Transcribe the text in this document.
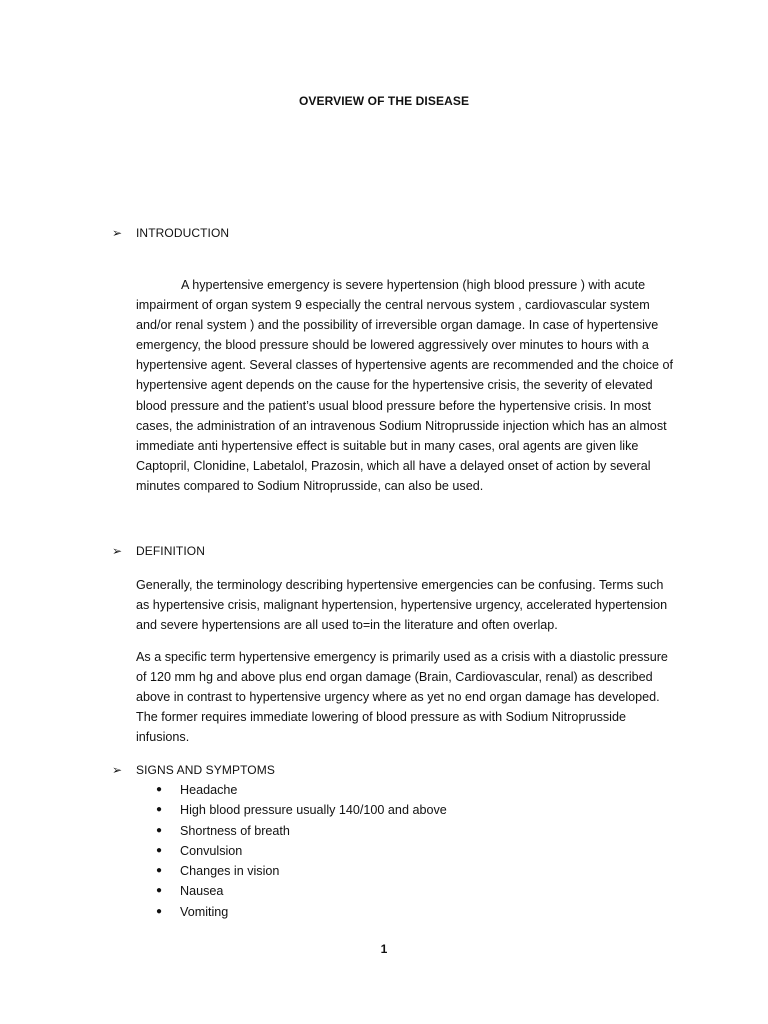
OVERVIEW OF THE DISEASE
➢	INTRODUCTION

A hypertensive emergency is severe hypertension (high blood pressure ) with acute impairment of organ system 9 especially the central nervous system , cardiovascular system and/or renal system ) and the possibility of irreversible organ damage. In case of hypertensive emergency, the blood pressure should be lowered aggressively over minutes to hours with a hypertensive agent. Several classes of hypertensive agents are recommended and the choice of hypertensive agent depends on the cause for the hypertensive crisis, the severity of elevated blood pressure and the patient’s usual blood pressure before the hypertensive crisis. In most cases, the administration of an intravenous Sodium Nitroprusside injection which has an almost immediate anti hypertensive effect is suitable but in many cases, oral agents are given like Captopril, Clonidine, Labetalol, Prazosin, which all have a delayed onset of action by several minutes compared to Sodium Nitroprusside, can also be used.

➢	DEFINITION

Generally, the terminology describing hypertensive emergencies can be confusing. Terms such as hypertensive crisis, malignant hypertension, hypertensive urgency, accelerated hypertension and severe hypertensions are all used to=in the literature and often overlap.

As a specific term hypertensive emergency is primarily used as a crisis with a diastolic pressure of 120 mm hg and above plus end organ damage (Brain, Cardiovascular, renal) as described above in contrast to hypertensive urgency where as yet no end organ damage has developed. The former requires immediate lowering of blood pressure as with Sodium Nitroprusside infusions.

➢	SIGNS AND SYMPTOMS
●	Headache
●	High blood pressure usually 140/100 and above
●	Shortness of breath
●	Convulsion
●	Changes in vision
●	Nausea
●	Vomiting
1
